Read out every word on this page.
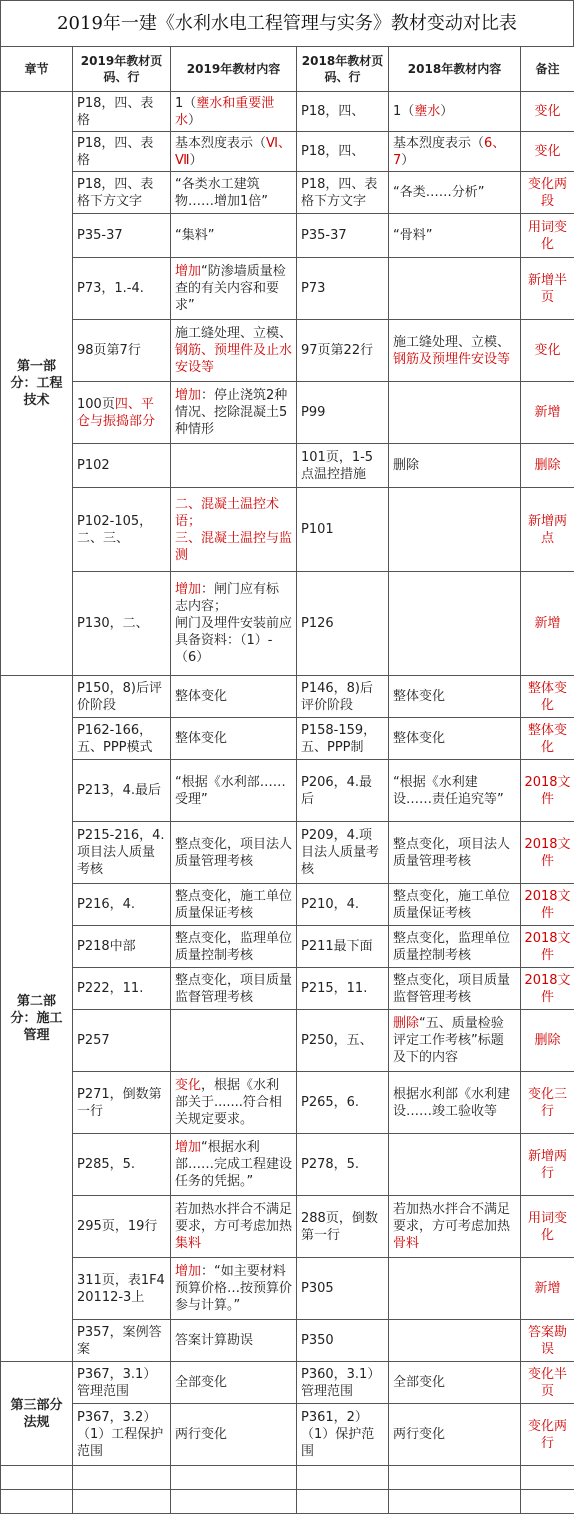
2019年一建《水利水电工程管理与实务》教材变动对比表
章节	2019年教材页码、行	2019年教材内容	2018年教材页码、行	2018年教材内容	备注
第一部分：工程技术	P18，四、表格	1（壅水和重要泄水）	P18，四、	1（壅水）	变化
	P18，四、表格	基本烈度表示（Ⅵ、Ⅶ）	P18，四、	基本烈度表示（6、7）	变化
	P18，四、表格下方文字	“各类水工建筑物……增加1倍”	P18，四、表格下方文字	“各类……分析”	变化两段
	P35-37	“集料”	P35-37	“骨料”	用词变化
	P73，1.-4.	增加“防渗墙质量检查的有关内容和要求”	P73		新增半页
	98页第7行	施工缝处理、立模、钢筋、预埋件及止水安设等	97页第22行	施工缝处理、立模、钢筋及预埋件安设等	变化
	100页四、平仓与振捣部分	增加：停止浇筑2种情况、挖除混凝土5种情形	P99		新增
	P102		101页，1-5点温控措施	删除	删除
	P102-105，二、三、	二、混凝土温控术语；
三、混凝土温控与监测	P101		新增两点
	P130，二、	增加：闸门应有标志内容；
闸门及埋件安装前应具备资料：（1）-（6）	P126		新增
第二部分：施工管理	P150，8)后评价阶段	整体变化	P146，8)后评价阶段	整体变化	整体变化
	P162-166，五、PPP模式	整体变化	P158-159，五、PPP制	整体变化	整体变化
	P213，4.最后	“根据《水利部……受理”	P206，4.最后	“根据《水利建设……责任追究等”	2018文件
	P215-216，4.项目法人质量考核	整点变化，项目法人质量管理考核	P209，4.项目法人质量考核	整点变化，项目法人质量管理考核	2018文件
	P216，4.	整点变化，施工单位质量保证考核	P210，4.	整点变化，施工单位质量保证考核	2018文件
	P218中部	整点变化，监理单位质量控制考核	P211最下面	整点变化，监理单位质量控制考核	2018文件
	P222，11.	整点变化，项目质量监督管理考核	P215，11.	整点变化，项目质量监督管理考核	2018文件
	P257		P250，五、	删除“五、质量检验评定工作考核”标题及下的内容	删除
	P271，倒数第一行	变化，根据《水利部关于.......符合相关规定要求。	P265，6.	根据水利部《水利建设……竣工验收等	变化三行
	P285，5.	增加“根据水利部……完成工程建设任务的凭据。”	P278，5.		新增两行
	295页，19行	若加热水拌合不满足要求，方可考虑加热集料	288页，倒数第一行	若加热水拌合不满足要求，方可考虑加热骨料	用词变化
	311页，表1F420112-3上	增加：“如主要材料预算价格…按预算价参与计算。”	P305		新增
	P357，案例答案	答案计算勘误	P350		答案勘误
第三部分法规	P367，3.1）管理范围	全部变化	P360，3.1）管理范围	全部变化	变化半页
	P367，3.2）（1）工程保护范围	两行变化	P361，2）（1）保护范围	两行变化	变化两行
